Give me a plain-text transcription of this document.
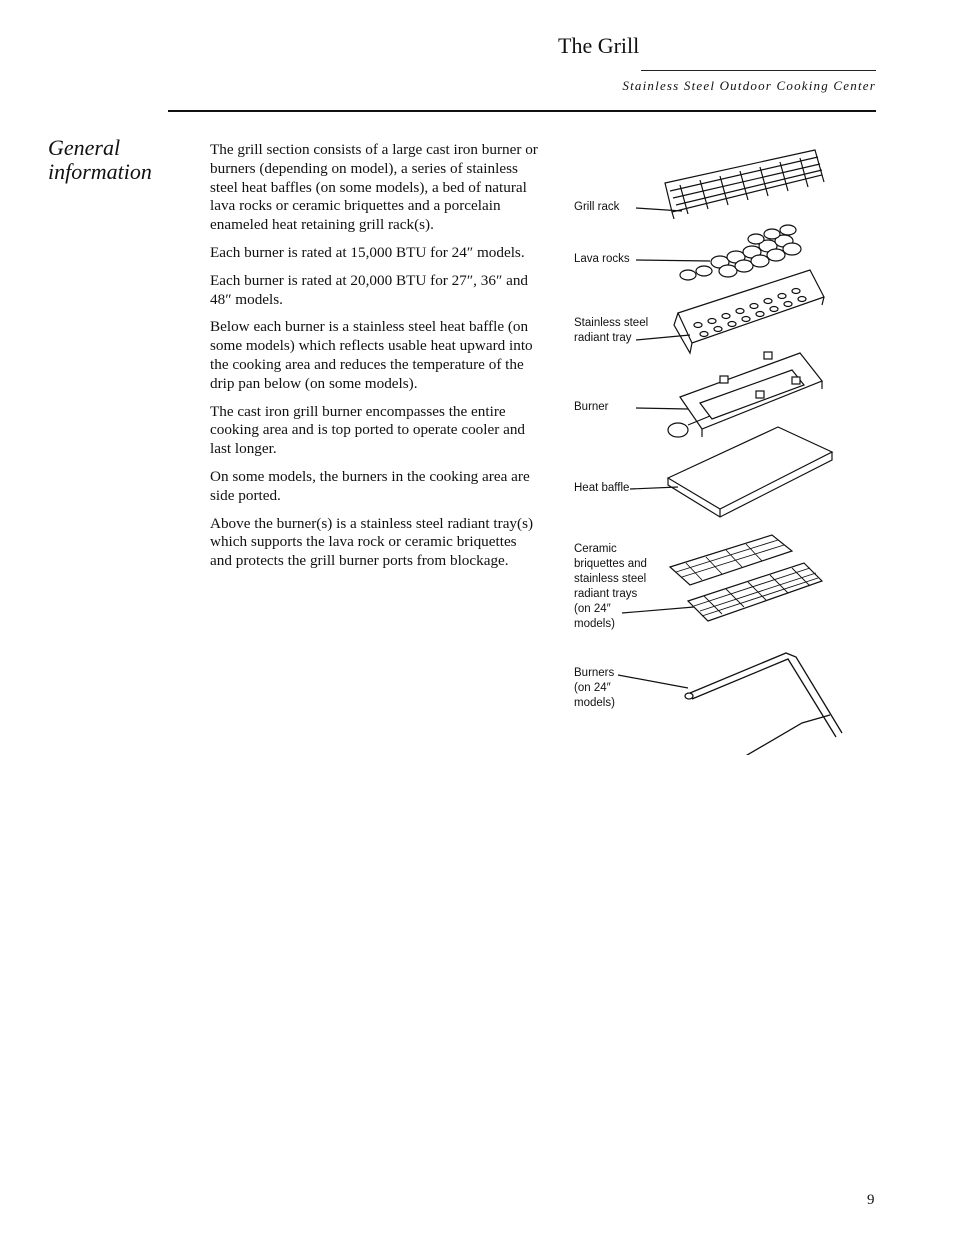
The Grill
Stainless Steel Outdoor Cooking Center
General information

The grill section consists of a large cast iron burner or burners (depending on model), a series of stainless steel heat baffles (on some models), a bed of natural lava rocks or ceramic briquettes and a porcelain enameled heat retaining grill rack(s).

Each burner is rated at 15,000 BTU for 24″ models.

Each burner is rated at 20,000 BTU for 27″, 36″ and 48″ models.

Below each burner is a stainless steel heat baffle (on some models) which reflects usable heat upward into the cooking area and reduces the temperature of the drip pan below (on some models).

The cast iron grill burner encompasses the entire cooking area and is top ported to operate cooler and last longer.

On some models, the burners in the cooking area are side ported.

Above the burner(s) is a stainless steel radiant tray(s) which supports the lava rock or ceramic briquettes and protects the grill burner ports from blockage.

Grill rack
Lava rocks
Stainless steel
radiant tray
Burner
Heat baffle
Ceramic
briquettes and
stainless steel
radiant trays
(on 24″
models)
Burners
(on 24″
models)
9
